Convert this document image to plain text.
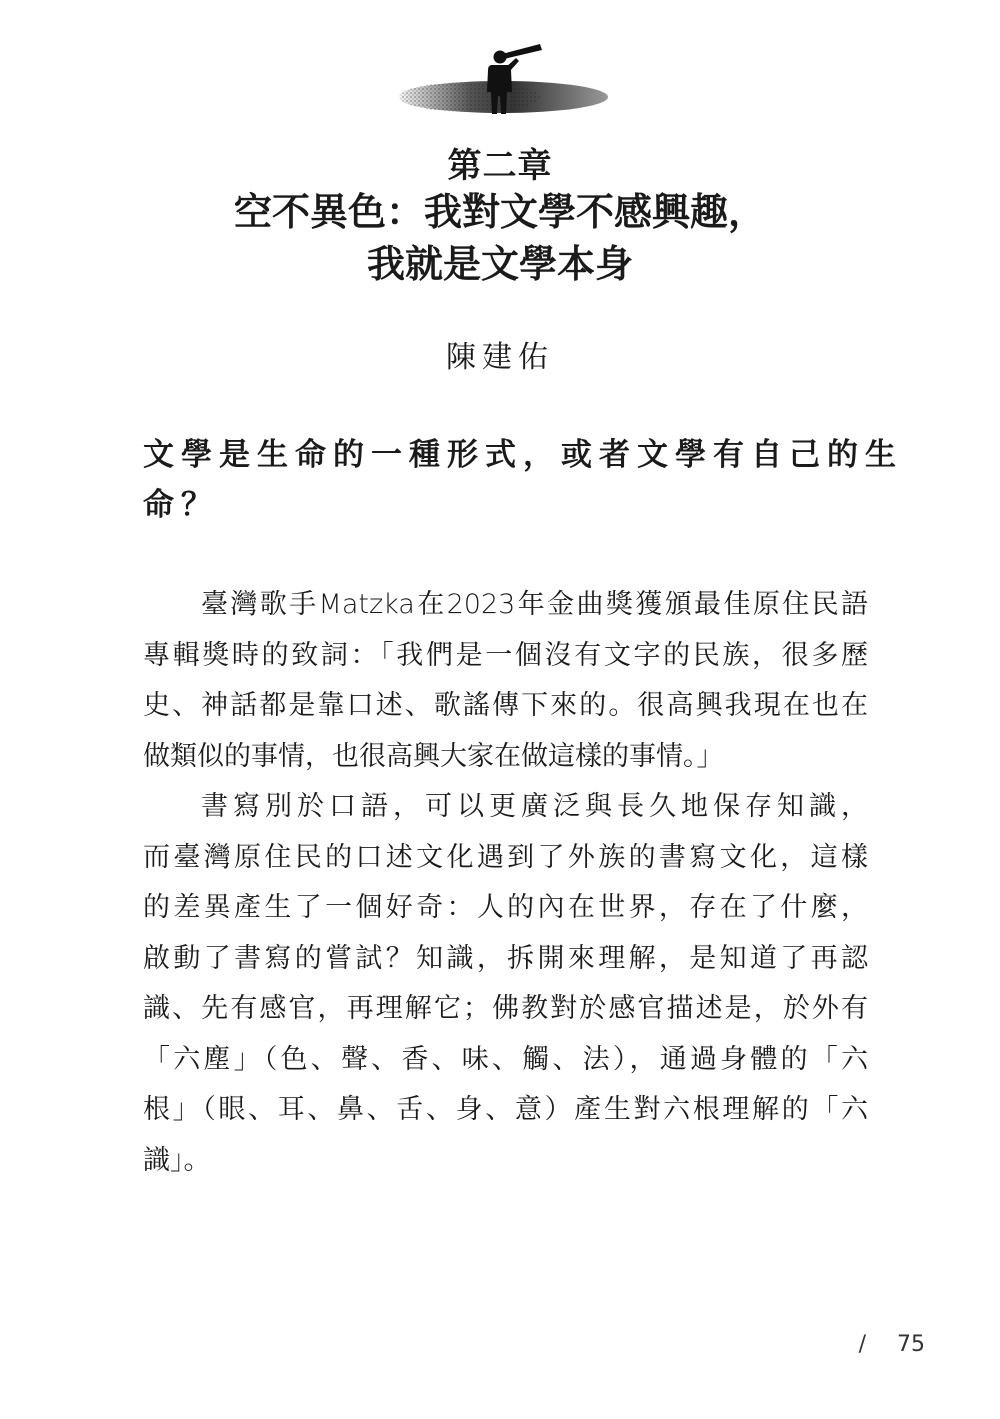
第二章
空不異色：我對文學不感興趣，
我就是文學本身
陳建佑
文學是生命的一種形式，或者文學有自己的生
命？
臺灣歌手Matzka在2023年金曲獎獲頒最佳原住民語
專輯獎時的致詞：「我們是一個沒有文字的民族，很多歷
史、神話都是靠口述、歌謠傳下來的。很高興我現在也在
做類似的事情，也很高興大家在做這樣的事情。」
書寫別於口語，可以更廣泛與長久地保存知識，
而臺灣原住民的口述文化遇到了外族的書寫文化，這樣
的差異產生了一個好奇：人的內在世界，存在了什麼，
啟動了書寫的嘗試？知識，拆開來理解，是知道了再認
識、先有感官，再理解它；佛教對於感官描述是，於外有
「六塵」（色、聲、香、味、觸、法），通過身體的「六
根」（眼、耳、鼻、舌、身、意）產生對六根理解的「六
識」。
/ 75
